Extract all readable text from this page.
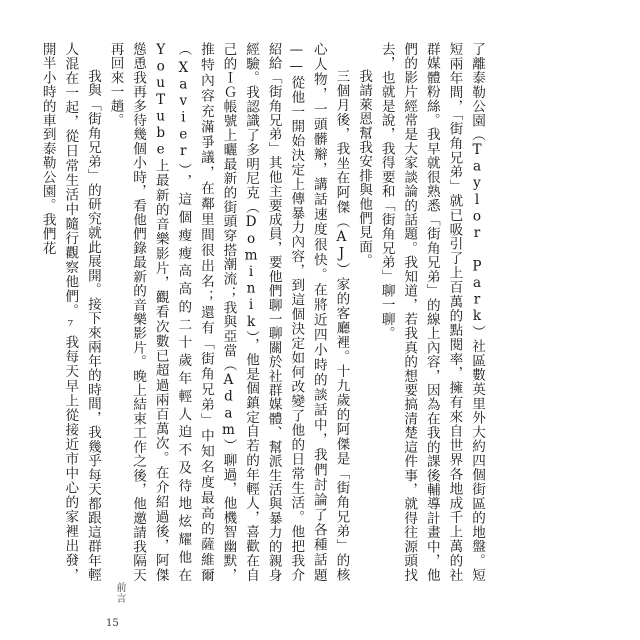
了離泰勒公園（Taylor Park）社區數英里外大約四個街區的地盤。短短兩年間，「街角兄弟」就已吸引了上百萬的點閱率，擁有來自世界各地成千上萬的社群媒體粉絲。我早就很熟悉「街角兄弟」的線上內容，因為在我的課後輔導計畫中，他們的影片經常是大家談論的話題。我知道，若我真的想要搞清楚這件事，就得往源頭找去，也就是說，我得要和「街角兄弟」聊一聊。

我請萊恩幫我安排與他們見面。

三個月後，我坐在阿傑（AJ）家的客廳裡。十九歲的阿傑是「街角兄弟」的核心人物，一頭髒辮，講話速度很快。在將近四小時的談話中，我們討論了各種話題——從他一開始決定上傳暴力內容，到這個決定如何改變了他的日常生活。他把我介紹給「街角兄弟」其他主要成員，要他們聊一聊關於社群媒體、幫派生活與暴力的親身經驗。我認識了多明尼克（Dominik），他是個鎮定自若的年輕人，喜歡在自己的ＩＧ帳號上曬最新的街頭穿搭潮流；我與亞當（Adam）聊過，他機智幽默，推特內容充滿爭議，在鄰里間很出名；還有「街角兄弟」中知名度最高的薩維爾（Xavier），這個瘦瘦高高的二十歲年輕人迫不及待地炫耀他在YouTube上最新的音樂影片，觀看次數已超過兩百萬次。在介紹過後，阿傑慫恿我再多待幾個小時，看他們錄最新的音樂影片。晚上結束工作之後，他邀請我隔天再回來一趟。

我與「街角兄弟」的研究就此展開。接下來兩年的時間，我幾乎每天都跟這群年輕人混在一起，從日常生活中隨行觀察他們。⁷我每天早上從接近市中心的家裡出發，開半小時的車到泰勒公園。我們花

前言
15
